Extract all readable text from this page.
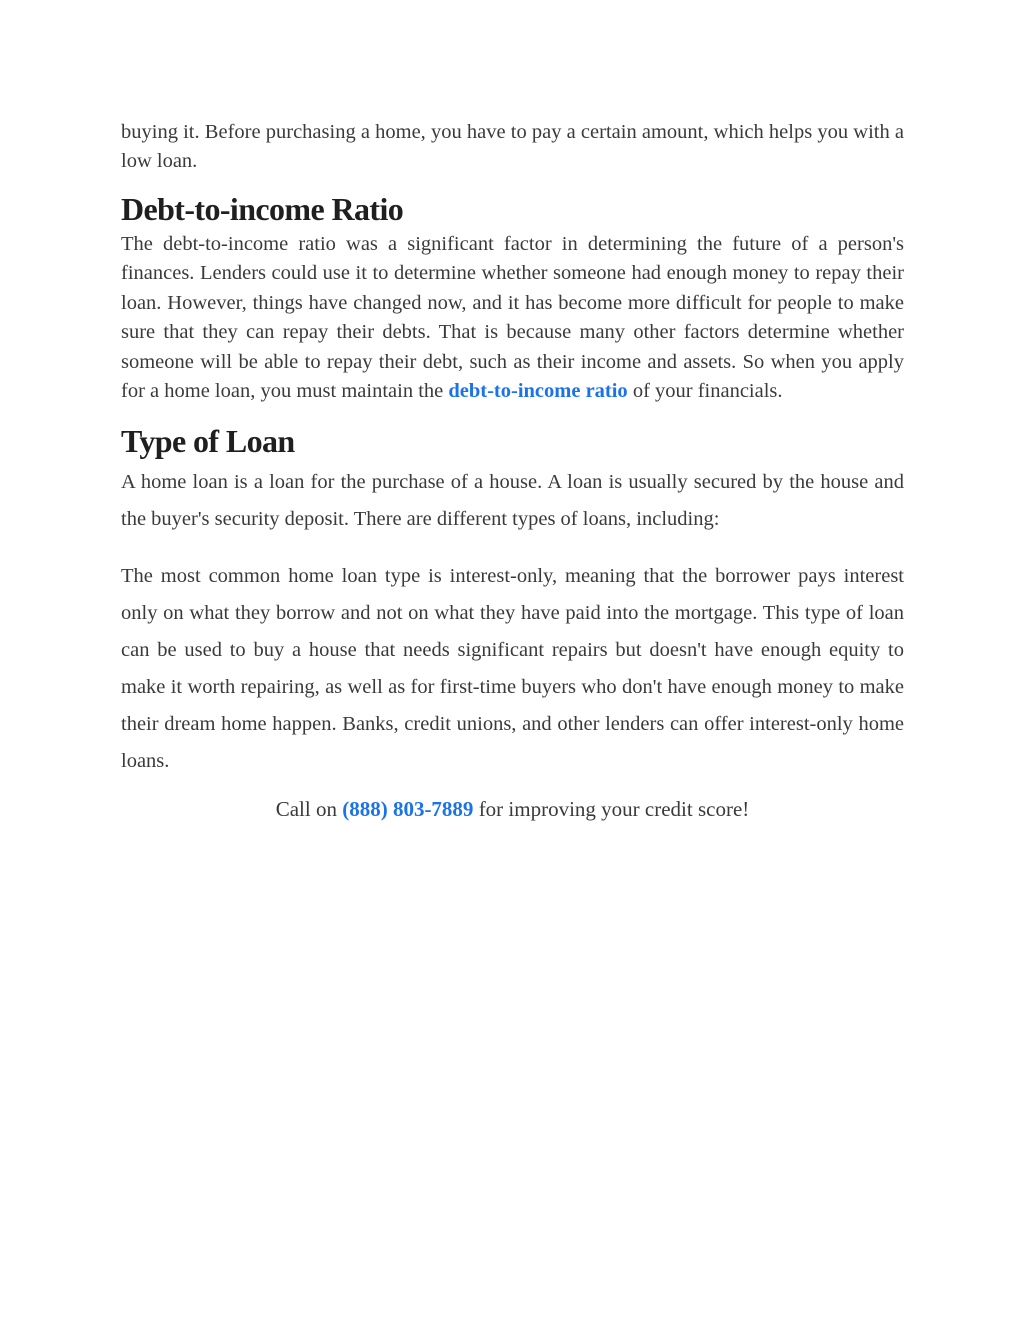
buying it. Before purchasing a home, you have to pay a certain amount, which helps you with a low loan.

Debt-to-income Ratio

The debt-to-income ratio was a significant factor in determining the future of a person's finances. Lenders could use it to determine whether someone had enough money to repay their loan. However, things have changed now, and it has become more difficult for people to make sure that they can repay their debts. That is because many other factors determine whether someone will be able to repay their debt, such as their income and assets. So when you apply for a home loan, you must maintain the debt-to-income ratio of your financials.

Type of Loan

A home loan is a loan for the purchase of a house. A loan is usually secured by the house and the buyer's security deposit. There are different types of loans, including:

The most common home loan type is interest-only, meaning that the borrower pays interest only on what they borrow and not on what they have paid into the mortgage. This type of loan can be used to buy a house that needs significant repairs but doesn't have enough equity to make it worth repairing, as well as for first-time buyers who don't have enough money to make their dream home happen. Banks, credit unions, and other lenders can offer interest-only home loans.

Call on (888) 803-7889 for improving your credit score!
